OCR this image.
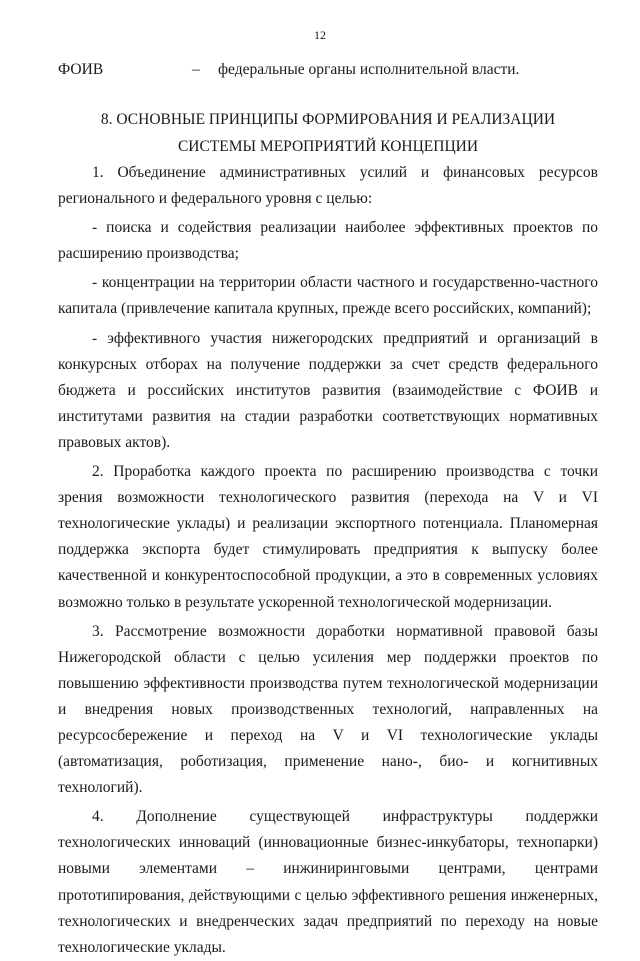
12
ФОИВ	– федеральные органы исполнительной власти.
8. ОСНОВНЫЕ ПРИНЦИПЫ ФОРМИРОВАНИЯ И РЕАЛИЗАЦИИ
СИСТЕМЫ МЕРОПРИЯТИЙ КОНЦЕПЦИИ

1. Объединение административных усилий и финансовых ресурсов регионального и федерального уровня с целью:

- поиска и содействия реализации наиболее эффективных проектов по расширению производства;

- концентрации на территории области частного и государственно-частного капитала (привлечение капитала крупных, прежде всего российских, компаний);

- эффективного участия нижегородских предприятий и организаций в конкурсных отборах на получение поддержки за счет средств федерального бюджета и российских институтов развития (взаимодействие с ФОИВ и институтами развития на стадии разработки соответствующих нормативных правовых актов).

2. Проработка каждого проекта по расширению производства с точки зрения возможности технологического развития (перехода на V и VI технологические уклады) и реализации экспортного потенциала. Планомерная поддержка экспорта будет стимулировать предприятия к выпуску более качественной и конкурентоспособной продукции, а это в современных условиях возможно только в результате ускоренной технологической модернизации.

3. Рассмотрение возможности доработки нормативной правовой базы Нижегородской области с целью усиления мер поддержки проектов по повышению эффективности производства путем технологической модернизации и внедрения новых производственных технологий, направленных на ресурсосбережение и переход на V и VI технологические уклады (автоматизация, роботизация, применение нано-, био- и когнитивных технологий).

4. Дополнение существующей инфраструктуры поддержки технологических инноваций (инновационные бизнес-инкубаторы, технопарки) новыми элементами – инжиниринговыми центрами, центрами прототипирования, действующими с целью эффективного решения инженерных, технологических и внедренческих задач предприятий по переходу на новые технологические уклады.
